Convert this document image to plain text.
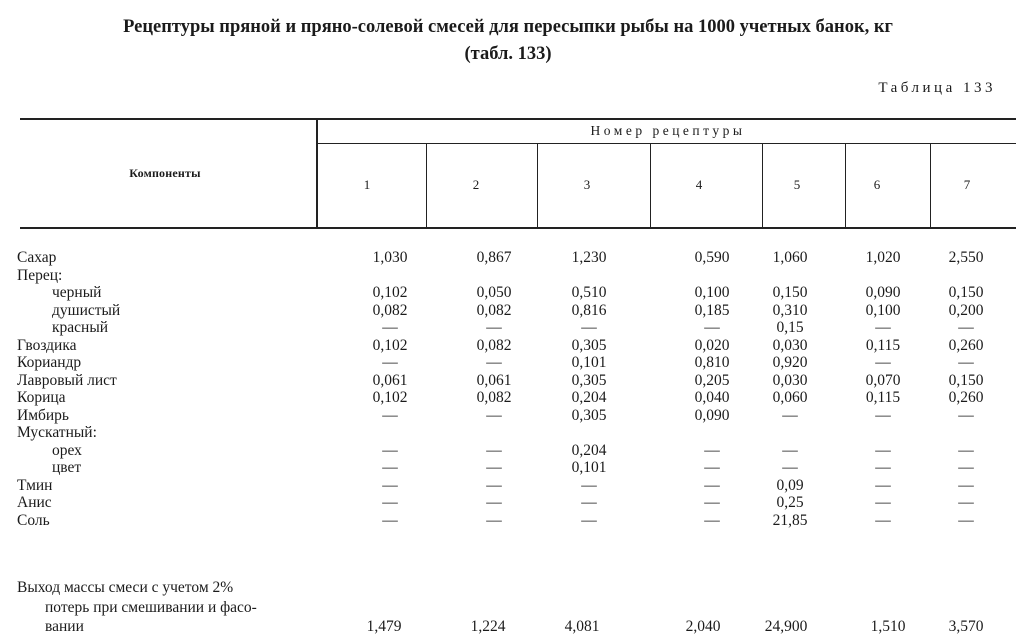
Рецептуры пряной и пряно-солевой смесей для пересыпки рыбы на 1000 учетных банок, кг
(табл. 133)
Таблица 133
Компоненты
Номер рецептуры
1	2	3	4	5	6	7
Сахар	1,030	0,867	1,230	0,590	1,060	1,020	2,550
Перец:
черный	0,102	0,050	0,510	0,100	0,150	0,090	0,150
душистый	0,082	0,082	0,816	0,185	0,310	0,100	0,200
красный	—	—	—	—	0,15	—	—
Гвоздика	0,102	0,082	0,305	0,020	0,030	0,115	0,260
Кориандр	—	—	0,101	0,810	0,920	—	—
Лавровый лист	0,061	0,061	0,305	0,205	0,030	0,070	0,150
Корица	0,102	0,082	0,204	0,040	0,060	0,115	0,260
Имбирь	—	—	0,305	0,090	—	—	—
Мускатный:
орех	—	—	0,204	—	—	—	—
цвет	—	—	0,101	—	—	—	—
Тмин	—	—	—	—	0,09	—	—
Анис	—	—	—	—	0,25	—	—
Соль	—	—	—	—	21,85	—	—
Выход массы смеси с учетом 2%
потерь при смешивании и фасо-
вании	1,479	1,224	4,081	2,040	24,900	1,510	3,570
